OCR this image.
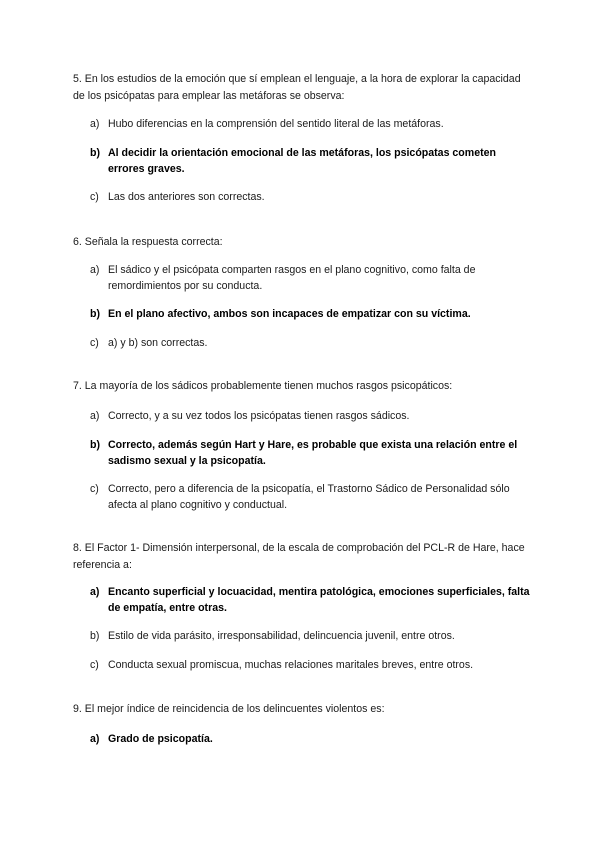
5. En los estudios de la emoción que sí emplean el lenguaje, a la hora de explorar la capacidad de los psicópatas para emplear las metáforas se observa:

a) Hubo diferencias en la comprensión del sentido literal de las metáforas.
b) Al decidir la orientación emocional de las metáforas, los psicópatas cometen errores graves.
c) Las dos anteriores son correctas.

6. Señala la respuesta correcta:

a) El sádico y el psicópata comparten rasgos en el plano cognitivo, como falta de remordimientos por su conducta.
b) En el plano afectivo, ambos son incapaces de empatizar con su víctima.
c) a) y b) son correctas.

7. La mayoría de los sádicos probablemente tienen muchos rasgos psicopáticos:

a) Correcto, y a su vez todos los psicópatas tienen rasgos sádicos.
b) Correcto, además según Hart y Hare, es probable que exista una relación entre el sadismo sexual y la psicopatía.
c) Correcto, pero a diferencia de la psicopatía, el Trastorno Sádico de Personalidad sólo afecta al plano cognitivo y conductual.

8. El Factor 1- Dimensión interpersonal, de la escala de comprobación del PCL-R de Hare, hace referencia a:

a) Encanto superficial y locuacidad, mentira patológica, emociones superficiales, falta de empatía, entre otras.
b) Estilo de vida parásito, irresponsabilidad, delincuencia juvenil, entre otros.
c) Conducta sexual promiscua, muchas relaciones maritales breves, entre otros.

9. El mejor índice de reincidencia de los delincuentes violentos es:

a) Grado de psicopatía.
